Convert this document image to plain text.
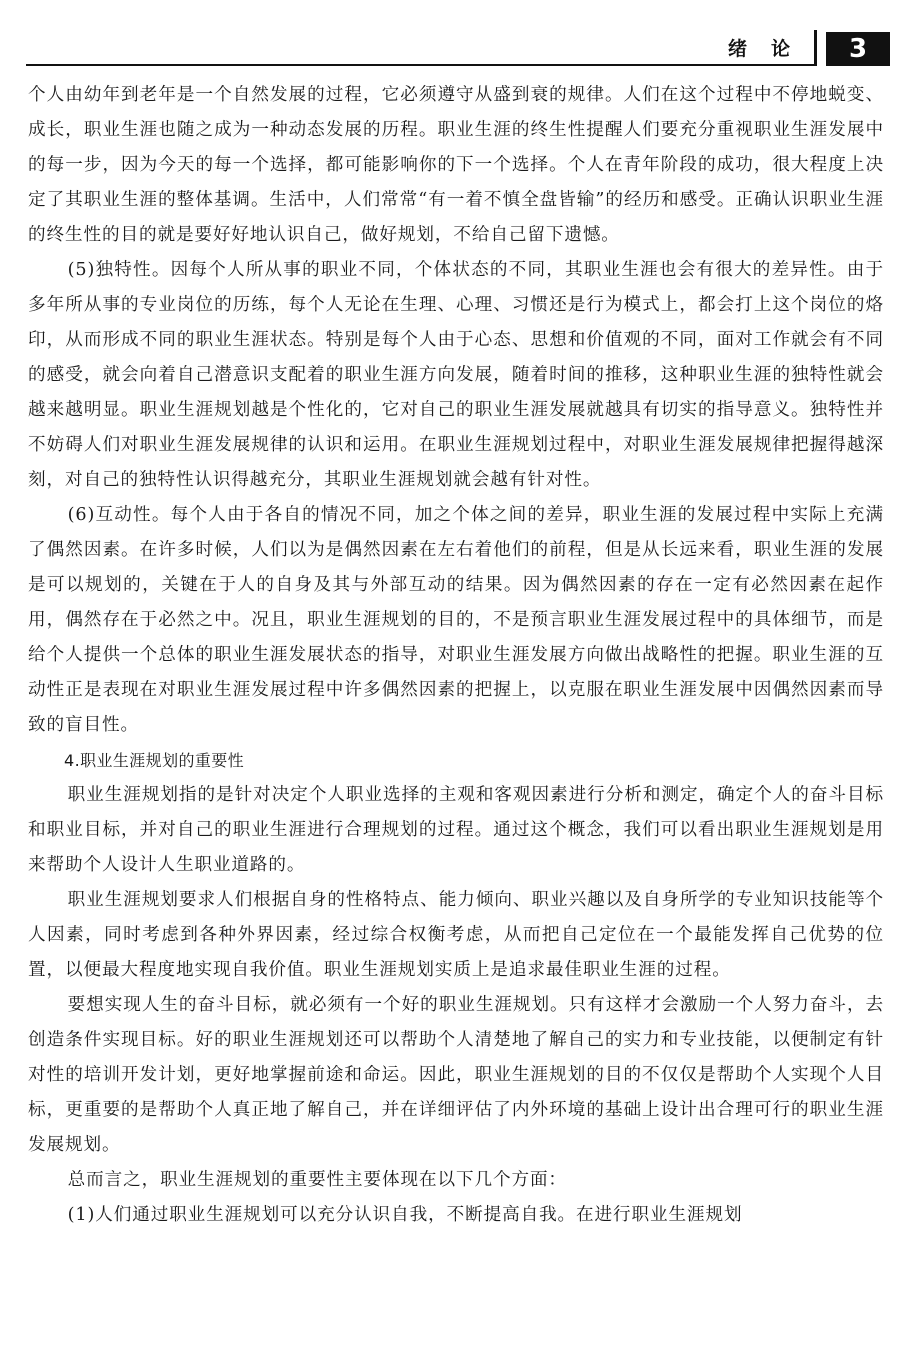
绪论	3

个人由幼年到老年是一个自然发展的过程，它必须遵守从盛到衰的规律。人们在这个过程中不停地蜕变、成长，职业生涯也随之成为一种动态发展的历程。职业生涯的终生性提醒人们要充分重视职业生涯发展中的每一步，因为今天的每一个选择，都可能影响你的下一个选择。个人在青年阶段的成功，很大程度上决定了其职业生涯的整体基调。生活中，人们常常“有一着不慎全盘皆输”的经历和感受。正确认识职业生涯的终生性的目的就是要好好地认识自己，做好规划，不给自己留下遗憾。

(5)独特性。因每个人所从事的职业不同，个体状态的不同，其职业生涯也会有很大的差异性。由于多年所从事的专业岗位的历练，每个人无论在生理、心理、习惯还是行为模式上，都会打上这个岗位的烙印，从而形成不同的职业生涯状态。特别是每个人由于心态、思想和价值观的不同，面对工作就会有不同的感受，就会向着自己潜意识支配着的职业生涯方向发展，随着时间的推移，这种职业生涯的独特性就会越来越明显。职业生涯规划越是个性化的，它对自己的职业生涯发展就越具有切实的指导意义。独特性并不妨碍人们对职业生涯发展规律的认识和运用。在职业生涯规划过程中，对职业生涯发展规律把握得越深刻，对自己的独特性认识得越充分，其职业生涯规划就会越有针对性。

(6)互动性。每个人由于各自的情况不同，加之个体之间的差异，职业生涯的发展过程中实际上充满了偶然因素。在许多时候，人们以为是偶然因素在左右着他们的前程，但是从长远来看，职业生涯的发展是可以规划的，关键在于人的自身及其与外部互动的结果。因为偶然因素的存在一定有必然因素在起作用，偶然存在于必然之中。况且，职业生涯规划的目的，不是预言职业生涯发展过程中的具体细节，而是给个人提供一个总体的职业生涯发展状态的指导，对职业生涯发展方向做出战略性的把握。职业生涯的互动性正是表现在对职业生涯发展过程中许多偶然因素的把握上，以克服在职业生涯发展中因偶然因素而导致的盲目性。

4.职业生涯规划的重要性

职业生涯规划指的是针对决定个人职业选择的主观和客观因素进行分析和测定，确定个人的奋斗目标和职业目标，并对自己的职业生涯进行合理规划的过程。通过这个概念，我们可以看出职业生涯规划是用来帮助个人设计人生职业道路的。

职业生涯规划要求人们根据自身的性格特点、能力倾向、职业兴趣以及自身所学的专业知识技能等个人因素，同时考虑到各种外界因素，经过综合权衡考虑，从而把自己定位在一个最能发挥自己优势的位置，以便最大程度地实现自我价值。职业生涯规划实质上是追求最佳职业生涯的过程。

要想实现人生的奋斗目标，就必须有一个好的职业生涯规划。只有这样才会激励一个人努力奋斗，去创造条件实现目标。好的职业生涯规划还可以帮助个人清楚地了解自己的实力和专业技能，以便制定有针对性的培训开发计划，更好地掌握前途和命运。因此，职业生涯规划的目的不仅仅是帮助个人实现个人目标，更重要的是帮助个人真正地了解自己，并在详细评估了内外环境的基础上设计出合理可行的职业生涯发展规划。

总而言之，职业生涯规划的重要性主要体现在以下几个方面：

(1)人们通过职业生涯规划可以充分认识自我，不断提高自我。在进行职业生涯规划
